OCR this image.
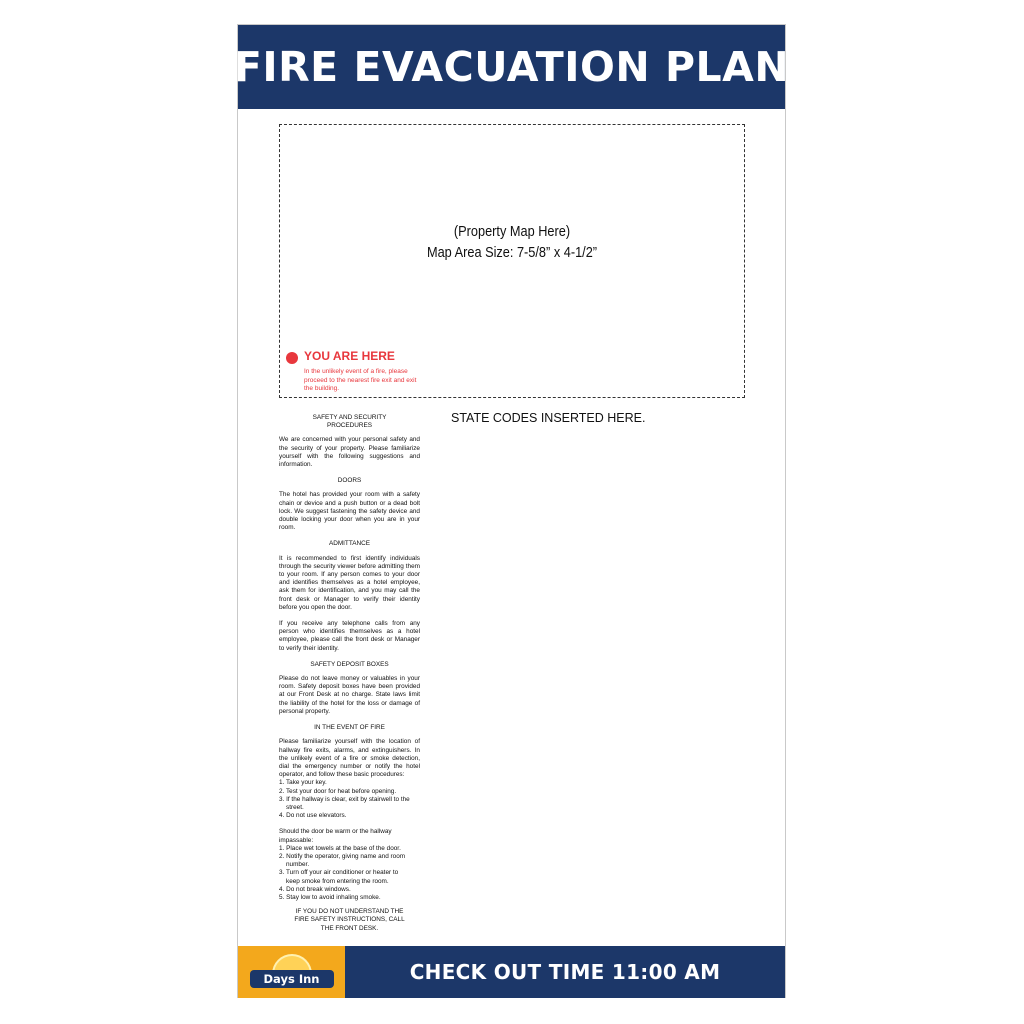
FIRE EVACUATION PLAN
(Property Map Here)
Map Area Size: 7-5/8” x 4-1/2”
YOU ARE HERE
In the unlikely event of a fire, please proceed to the nearest fire exit and exit the building.
STATE CODES INSERTED HERE.
SAFETY AND SECURITY PROCEDURES
We are concerned with your personal safety and the security of your property. Please familiarize yourself with the following suggestions and information.
DOORS
The hotel has provided your room with a safety chain or device and a push button or a dead bolt lock. We suggest fastening the safety device and double locking your door when you are in your room.
ADMITTANCE
It is recommended to first identify individuals through the security viewer before admitting them to your room. If any person comes to your door and identifies themselves as a hotel employee, ask them for identification, and you may call the front desk or Manager to verify their identity before you open the door.
If you receive any telephone calls from any person who identifies themselves as a hotel employee, please call the front desk or Manager to verify their identity.
SAFETY DEPOSIT BOXES
Please do not leave money or valuables in your room. Safety deposit boxes have been provided at our Front Desk at no charge. State laws limit the liability of the hotel for the loss or damage of personal property.
IN THE EVENT OF FIRE
Please familiarize yourself with the location of hallway fire exits, alarms, and extinguishers. In the unlikely event of a fire or smoke detection, dial the emergency number or notify the hotel operator, and follow these basic procedures:
1. Take your key.
2. Test your door for heat before opening.
3. If the hallway is clear, exit by stairwell to the
street.
4. Do not use elevators.
Should the door be warm or the hallway impassable:
1. Place wet towels at the base of the door.
2. Notify the operator, giving name and room
number.
3. Turn off your air conditioner or heater to
keep smoke from entering the room.
4. Do not break windows.
5. Stay low to avoid inhaling smoke.
IF YOU DO NOT UNDERSTAND THE FIRE SAFETY INSTRUCTIONS, CALL THE FRONT DESK.
Days Inn	CHECK OUT TIME 11:00 AM
